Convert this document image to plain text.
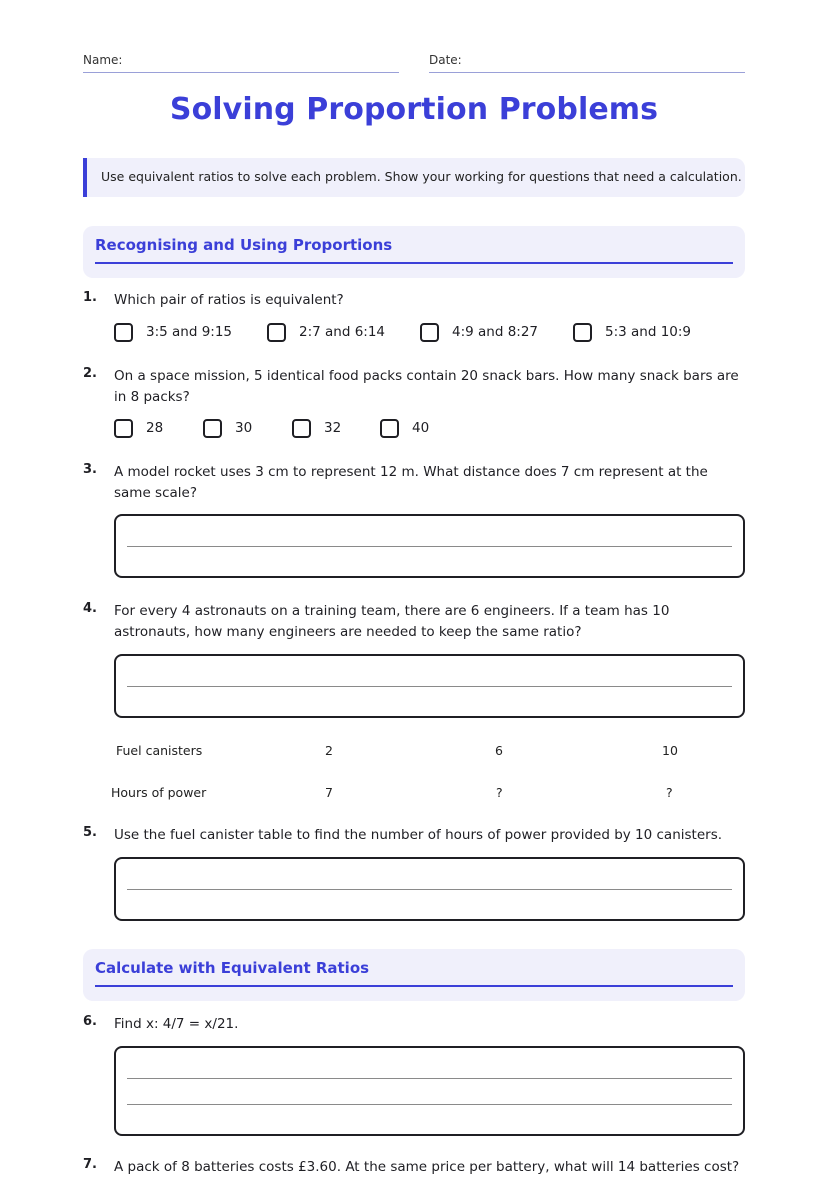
Name:	Date:
Solving Proportion Problems
Use equivalent ratios to solve each problem. Show your working for questions that need a calculation.
Recognising and Using Proportions
1. Which pair of ratios is equivalent?
3:5 and 9:15	2:7 and 6:14	4:9 and 8:27	5:3 and 10:9
2. On a space mission, 5 identical food packs contain 20 snack bars. How many snack bars are in 8 packs?
28	30	32	40
3. A model rocket uses 3 cm to represent 12 m. What distance does 7 cm represent at the same scale?
4. For every 4 astronauts on a training team, there are 6 engineers. If a team has 10 astronauts, how many engineers are needed to keep the same ratio?
Fuel canisters	2	6	10
Hours of power	7	?	?
5. Use the fuel canister table to find the number of hours of power provided by 10 canisters.
Calculate with Equivalent Ratios
6. Find x: 4/7 = x/21.
7. A pack of 8 batteries costs £3.60. At the same price per battery, what will 14 batteries cost?
